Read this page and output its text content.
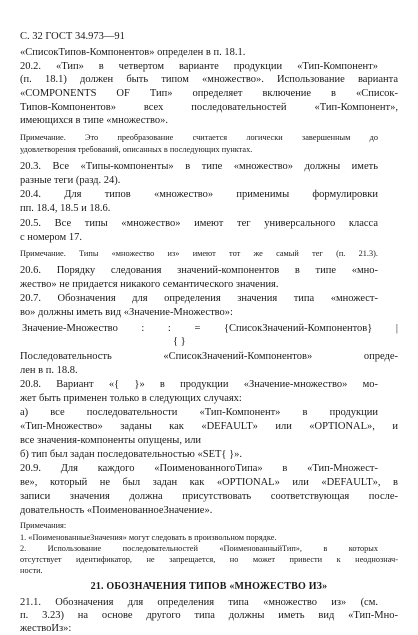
С. 32 ГОСТ 34.973—91
«СписокТипов-Компонентов» определен в п. 18.1.
20.2. «Тип» в четвертом варианте продукции «Тип-Компонент»
(п. 18.1) должен быть типом «множество». Использование варианта
«COMPONENTS OF Тип» определяет включение в «Список-
Типов-Компонентов» всех последовательностей «Тип-Компонент»,
имеющихся в типе «множество».
Примечание. Это преобразование считается логически завершенным до
удовлетворения требований, описанных в последующих пунктах.
20.3. Все «Типы-компоненты» в типе «множество» должны иметь
разные теги (разд. 24).
20.4. Для типов «множество» применимы формулировки
пп. 18.4, 18.5 и 18.6.
20.5. Все типы «множество» имеют тег универсального класса
с номером 17.
Примечание. Типы «множество из» имеют тот же самый тег (п. 21.3).
20.6. Порядку следования значений-компонентов в типе «мно-
жество» не придается никакого семантического значения.
20.7. Обозначения для определения значения типа «множест-
во» должны иметь вид «Значение-Множество»:
Значение-Множество : : = {СписокЗначений-Компонентов} |
{ }
Последовательность «СписокЗначений-Компонентов» опреде-
лен в п. 18.8.
20.8. Вариант «{ }» в продукции «Значение-множество» мо-
жет быть применен только в следующих случаях:
а) все последовательности «Тип-Компонент» в продукции
«Тип-Множество» заданы как «DEFAULT» или «OPTIONAL», и
все значения-компоненты опущены, или
б) тип был задан последовательностью «SET{ }».
20.9. Для каждого «ПоименованногоТипа» в «Тип-Множест-
ве», который не был задан как «OPTIONAL» или «DEFAULT», в
записи значения должна присутствовать соответствующая после-
довательность «ПоименованноеЗначение».
Примечания:
1. «ПоименованныеЗначения» могут следовать в произвольном порядке.
2. Использование последовательностей «ПоименованныйТип», в которых
отсутствует идентификатор, не запрещается, но может привести к неоднознач-
ности.
21. ОБОЗНАЧЕНИЯ ТИПОВ «МНОЖЕСТВО ИЗ»
21.1. Обозначения для определения типа «множество из» (см.
п. 3.23) на основе другого типа должны иметь вид «Тип-Мно-
жествоИз»:
